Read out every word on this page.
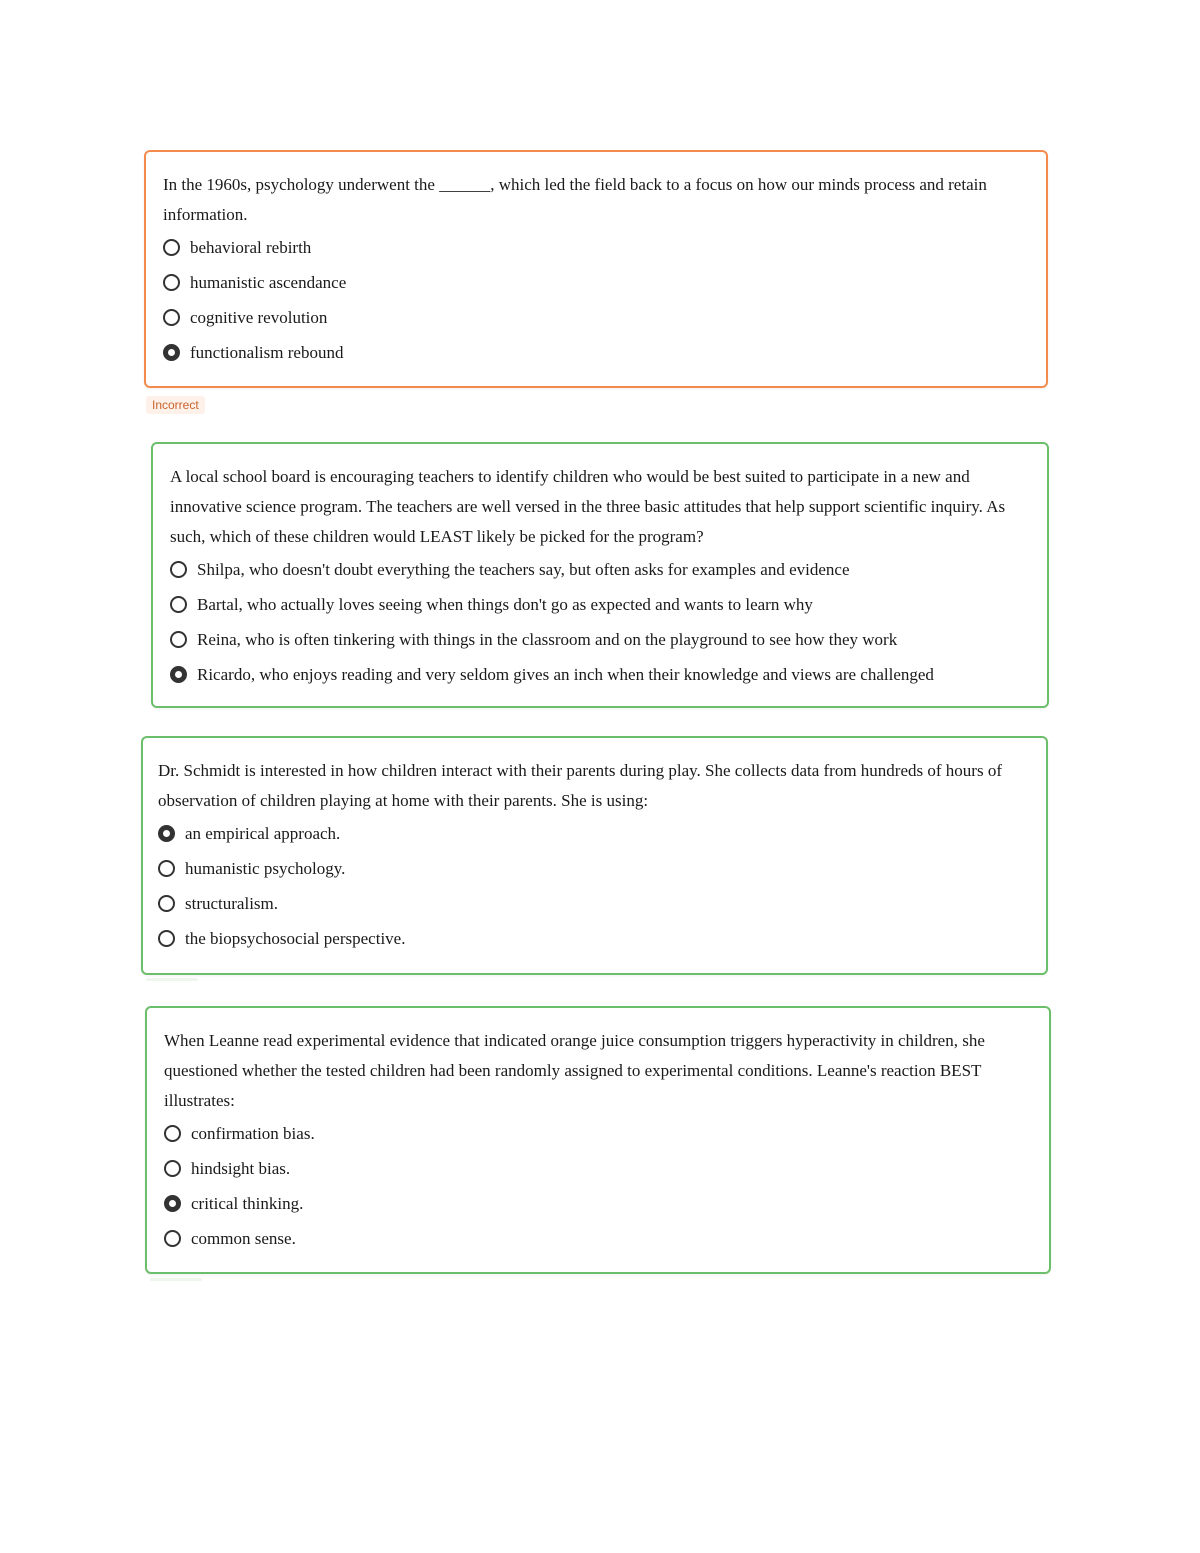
In the 1960s, psychology underwent the ______, which led the field back to a focus on how our minds process and retain information.

behavioral rebirth
humanistic ascendance
cognitive revolution
functionalism rebound
Incorrect

A local school board is encouraging teachers to identify children who would be best suited to participate in a new and innovative science program. The teachers are well versed in the three basic attitudes that help support scientific inquiry. As such, which of these children would LEAST likely be picked for the program?

Shilpa, who doesn't doubt everything the teachers say, but often asks for examples and evidence
Bartal, who actually loves seeing when things don't go as expected and wants to learn why
Reina, who is often tinkering with things in the classroom and on the playground to see how they work
Ricardo, who enjoys reading and very seldom gives an inch when their knowledge and views are challenged

Dr. Schmidt is interested in how children interact with their parents during play. She collects data from hundreds of hours of observation of children playing at home with their parents. She is using:

an empirical approach.
humanistic psychology.
structuralism.
the biopsychosocial perspective.

When Leanne read experimental evidence that indicated orange juice consumption triggers hyperactivity in children, she questioned whether the tested children had been randomly assigned to experimental conditions. Leanne's reaction BEST illustrates:

confirmation bias.
hindsight bias.
critical thinking.
common sense.
